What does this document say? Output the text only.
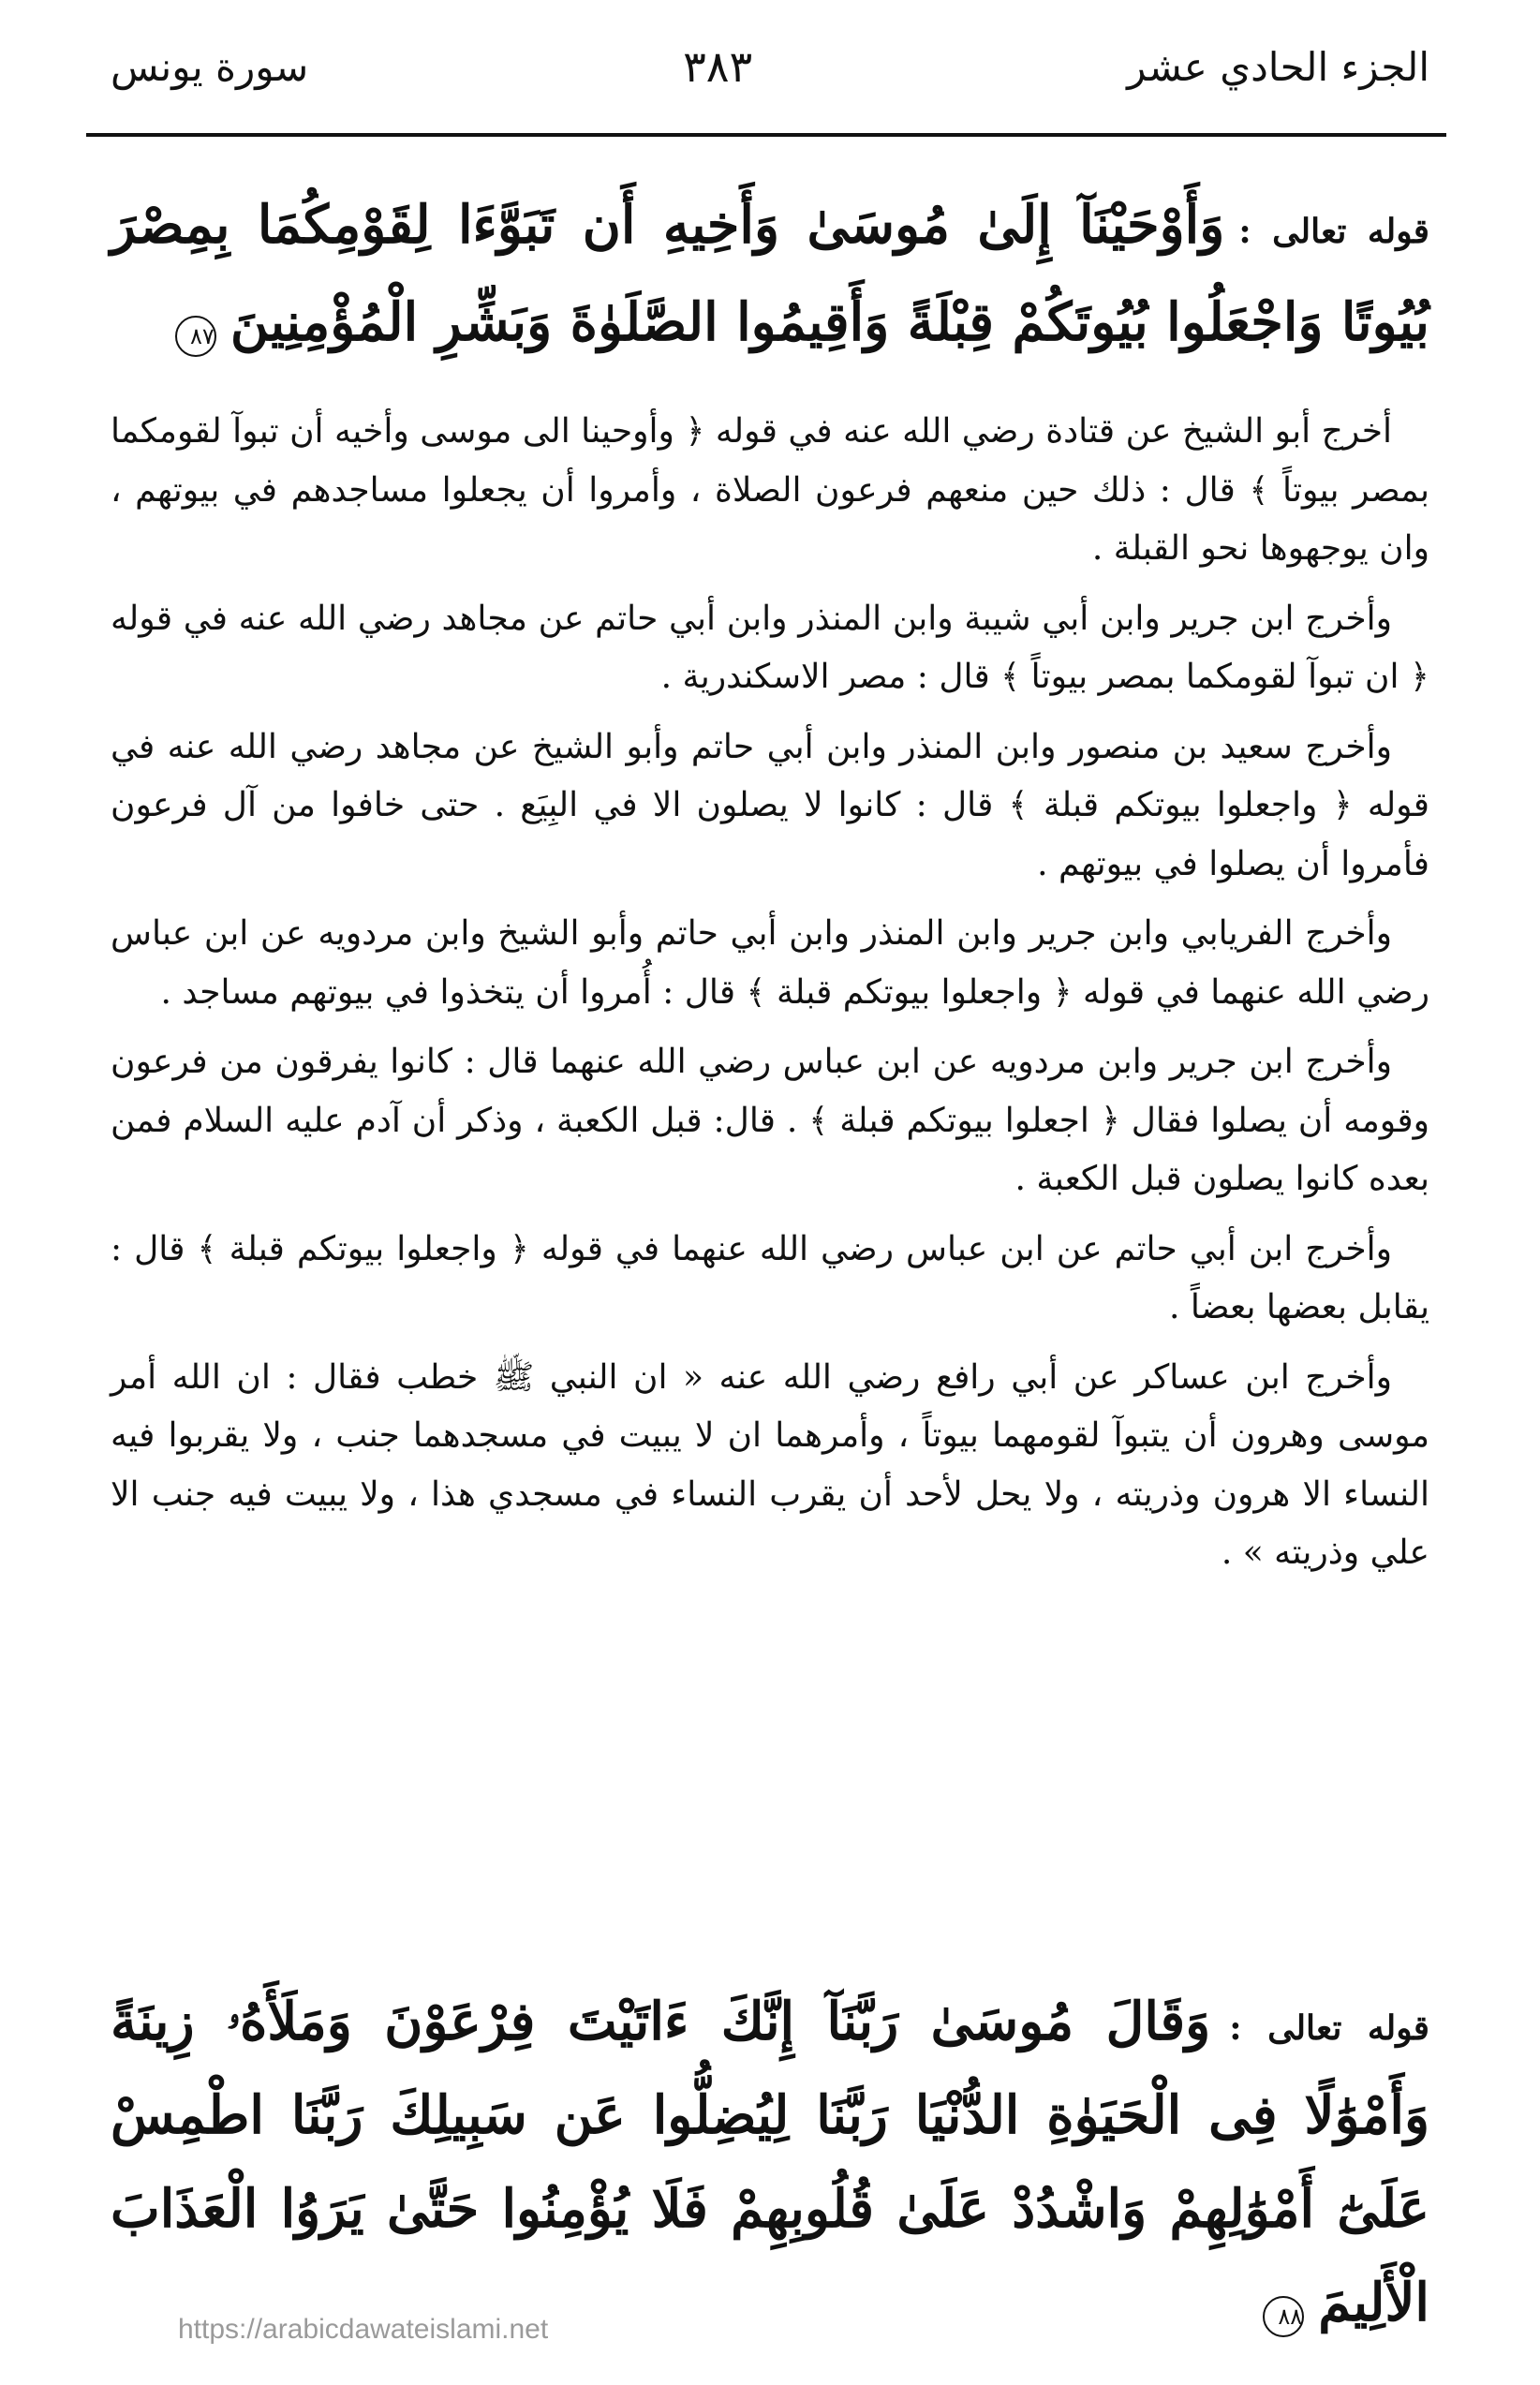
الجزء الحادي عشر
٣٨٣
سورة يونس
قوله تعالى : وَأَوْحَيْنَآ إِلَىٰ مُوسَىٰ وَأَخِيهِ أَن تَبَوَّءَا لِقَوْمِكُمَا بِمِصْرَ بُيُوتًا وَاجْعَلُوا بُيُوتَكُمْ قِبْلَةً وَأَقِيمُوا الصَّلَوٰةَ وَبَشِّرِ الْمُؤْمِنِينَ ٨٧

أخرج أبو الشيخ عن قتادة رضي الله عنه في قوله ﴿ وأوحينا الى موسى وأخيه أن تبوآ لقومكما بمصر بيوتاً ﴾ قال : ذلك حين منعهم فرعون الصلاة ، وأمروا أن يجعلوا مساجدهم في بيوتهم ، وان يوجهوها نحو القبلة .

وأخرج ابن جرير وابن أبي شيبة وابن المنذر وابن أبي حاتم عن مجاهد رضي الله عنه في قوله ﴿ ان تبوآ لقومكما بمصر بيوتاً ﴾ قال : مصر الاسكندرية .

وأخرج سعيد بن منصور وابن المنذر وابن أبي حاتم وأبو الشيخ عن مجاهد رضي الله عنه في قوله ﴿ واجعلوا بيوتكم قبلة ﴾ قال : كانوا لا يصلون الا في البِيَع . حتى خافوا من آل فرعون فأمروا أن يصلوا في بيوتهم .

وأخرج الفريابي وابن جرير وابن المنذر وابن أبي حاتم وأبو الشيخ وابن مردويه عن ابن عباس رضي الله عنهما في قوله ﴿ واجعلوا بيوتكم قبلة ﴾ قال : أُمروا أن يتخذوا في بيوتهم مساجد .

وأخرج ابن جرير وابن مردويه عن ابن عباس رضي الله عنهما قال : كانوا يفرقون من فرعون وقومه أن يصلوا فقال ﴿ اجعلوا بيوتكم قبلة ﴾ . قال: قبل الكعبة ، وذكر أن آدم عليه السلام فمن بعده كانوا يصلون قبل الكعبة .

وأخرج ابن أبي حاتم عن ابن عباس رضي الله عنهما في قوله ﴿ واجعلوا بيوتكم قبلة ﴾ قال : يقابل بعضها بعضاً .

وأخرج ابن عساكر عن أبي رافع رضي الله عنه « ان النبي ﷺ خطب فقال : ان الله أمر موسى وهرون أن يتبوآ لقومهما بيوتاً ، وأمرهما ان لا يبيت في مسجدهما جنب ، ولا يقربوا فيه النساء الا هرون وذريته ، ولا يحل لأحد أن يقرب النساء في مسجدي هذا ، ولا يبيت فيه جنب الا علي وذريته » .

قوله تعالى : وَقَالَ مُوسَىٰ رَبَّنَآ إِنَّكَ ءَاتَيْتَ فِرْعَوْنَ وَمَلَأَهُۥ زِينَةً وَأَمْوَٰلًا فِى الْحَيَوٰةِ الدُّنْيَا رَبَّنَا لِيُضِلُّوا عَن سَبِيلِكَ رَبَّنَا اطْمِسْ عَلَىٰٓ أَمْوَٰلِهِمْ وَاشْدُدْ عَلَىٰ قُلُوبِهِمْ فَلَا يُؤْمِنُوا حَتَّىٰ يَرَوُا الْعَذَابَ الْأَلِيمَ ٨٨
https://arabicdawateislami.net
